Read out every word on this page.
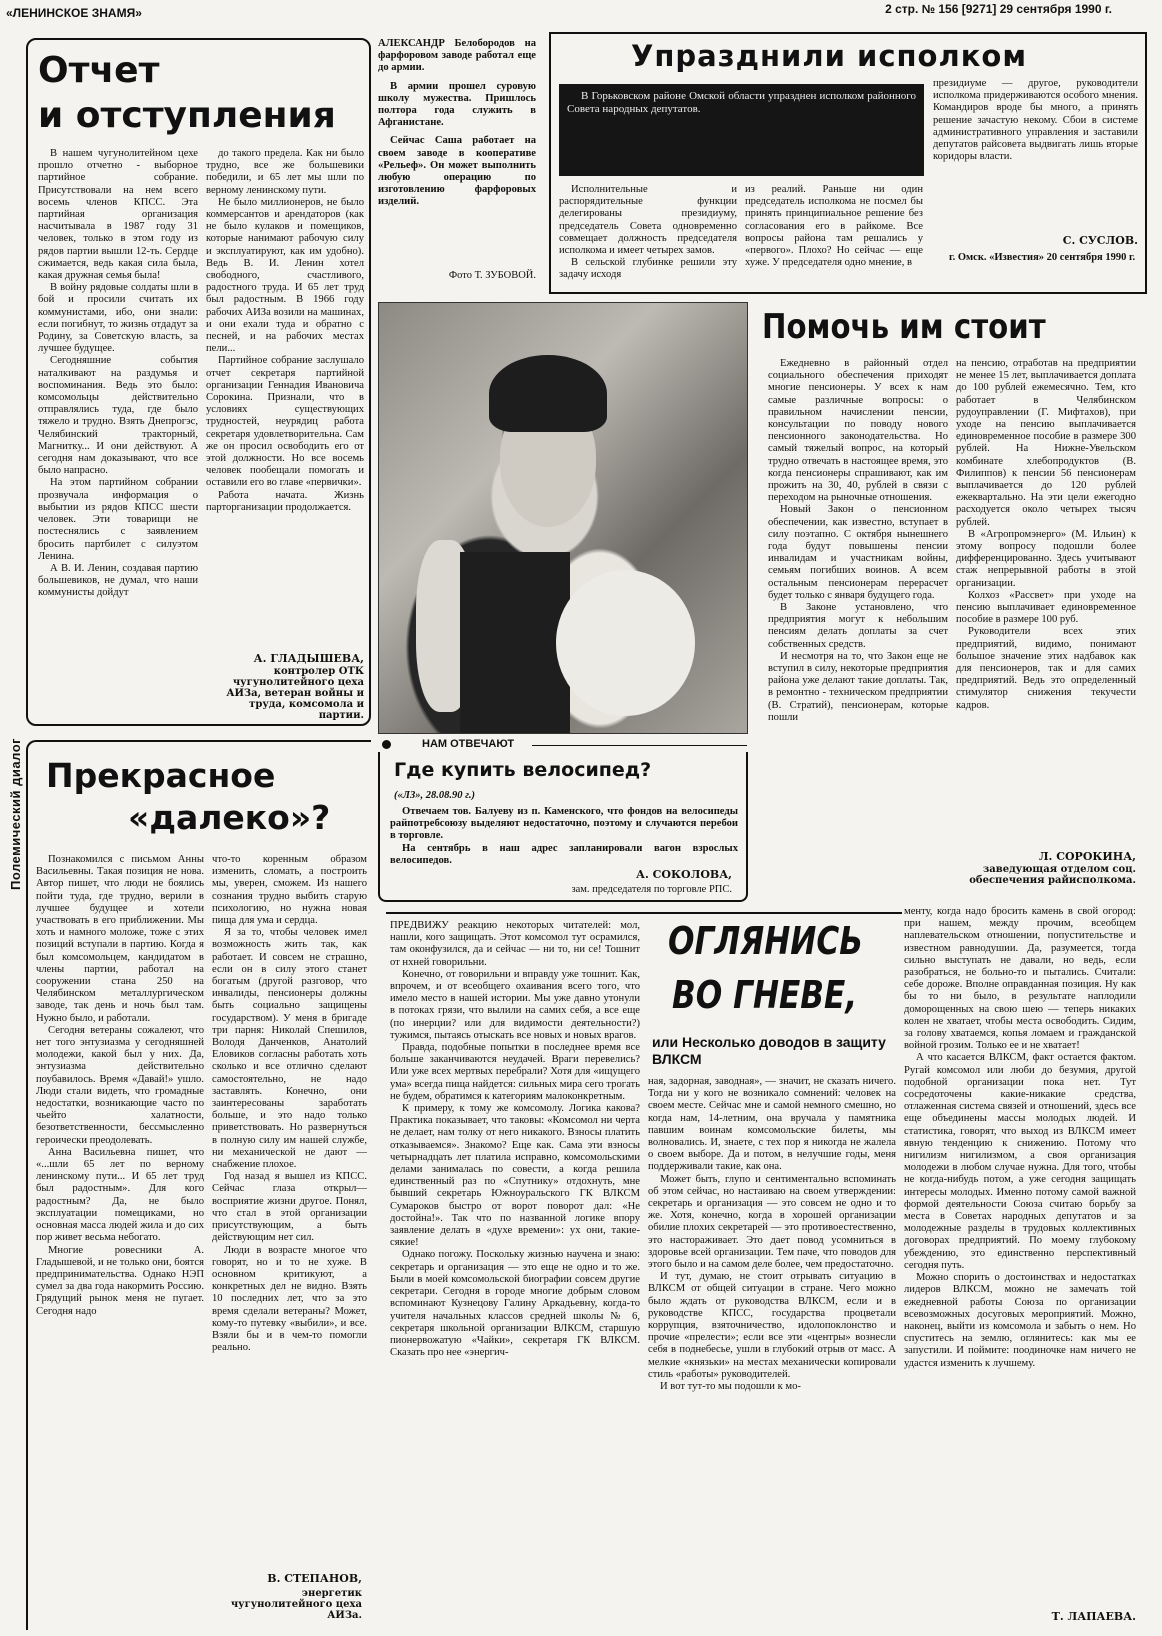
«ЛЕНИНСКОЕ ЗНАМЯ»	2 стр. № 156 [9271] 29 сентября 1990 г.
Полемический диалог
Отчет
и отступления

В нашем чугунолитейном цехе прошло отчетно - выборное партийное собрание. Присутствовали на нем всего восемь членов КПСС. Эта партийная организация насчитывала в 1987 году 31 человек, только в этом году из рядов партии вышли 12-ть. Сердце сжимается, ведь какая сила была, какая дружная семья была!

В войну рядовые солдаты шли в бой и просили считать их коммунистами, ибо, они знали: если погибнут, то жизнь отдадут за Родину, за Советскую власть, за лучшее будущее.

Сегодняшние события наталкивают на раздумья и воспоминания. Ведь это было: комсомольцы действительно отправлялись туда, где было тяжело и трудно. Взять Днепрогэс, Челябинский тракторный, Магнитку... И они действуют. А сегодня нам доказывают, что все было напрасно.

На этом партийном собрании прозвучала информация о выбытии из рядов КПСС шести человек. Эти товарищи не постеснялись с заявлением бросить партбилет с силуэтом Ленина.

А В. И. Ленин, создавая партию большевиков, не думал, что наши коммунисты дойдут

до такого предела. Как ни было трудно, все же большевики победили, и 65 лет мы шли по верному ленинскому пути.

Не было миллионеров, не было коммерсантов и арендаторов (как не было кулаков и помещиков, которые нанимают рабочую силу и эксплуатируют, как им удобно). Ведь В. И. Ленин хотел свободного, счастливого, радостного труда. И 65 лет труд был радостным. В 1966 году рабочих АИЗа возили на машинах, и они ехали туда и обратно с песней, и на рабочих местах пели...

Партийное собрание заслушало отчет секретаря партийной организации Геннадия Ивановича Сорокина. Признали, что в условиях существующих трудностей, неурядиц работа секретаря удовлетворительна. Сам же он просил освободить его от этой должности. Но все восемь человек пообещали помогать и оставили его во главе «первички».

Работа начата. Жизнь парторганизации продолжается.

А. ГЛАДЫШЕВА,
контролер ОТК чугунолитейного цеха АИЗа, ветеран войны и труда, комсомола и партии.

АЛЕКСАНДР Белобородов на фарфоровом заводе работал еще до армии.

В армии прошел суровую школу мужества. Пришлось полтора года служить в Афганистане.

Сейчас Саша работает на своем заводе в кооперативе «Рельеф». Он может выполнить любую операцию по изготовлению фарфоровых изделий.

Фото Т. ЗУБОВОЙ.
Упразднили исполком
В Горьковском районе Омской области упразднен исполком районного Совета народных депутатов.

Исполнительные и распорядительные функции делегированы президиуму, председатель Совета одновременно совмещает должность председателя исполкома и имеет четырех замов.

В сельской глубинке решили эту задачу исходя

из реалий. Раньше ни один председатель исполкома не посмел бы принять принципиальное решение без согласования его в райкоме. Все вопросы района там решались у «первого». Плохо? Но сейчас — еще хуже. У председателя одно мнение, в

президиуме — другое, руководители исполкома придерживаются особого мнения. Командиров вроде бы много, а принять решение зачастую некому. Сбои в системе административного управления и заставили депутатов райсовета выдвигать лишь вторые коридоры власти.

С. СУСЛОВ.
г. Омск. «Известия» 20 сентября 1990 г.
Помочь им стоит

Ежедневно в районный отдел социального обеспечения приходят многие пенсионеры. У всех к нам самые различные вопросы: о правильном начислении пенсии, консультации по поводу нового пенсионного законодательства. Но самый тяжелый вопрос, на который трудно отвечать в настоящее время, это когда пенсионеры спрашивают, как им прожить на 30, 40, рублей в связи с переходом на рыночные отношения.

Новый Закон о пенсионном обеспечении, как известно, вступает в силу поэтапно. С октября нынешнего года будут повышены пенсии инвалидам и участникам войны, семьям погибших воинов. А всем остальным пенсионерам перерасчет будет только с января будущего года.

В Законе установлено, что предприятия могут к небольшим пенсиям делать доплаты за счет собственных средств.

И несмотря на то, что Закон еще не вступил в силу, некоторые предприятия района уже делают такие доплаты. Так, в ремонтно - техническом предприятии (В. Стратий), пенсионерам, которые пошли

на пенсию, отработав на предприятии не менее 15 лет, выплачивается доплата до 100 рублей ежемесячно. Тем, кто работает в Челябинском рудоуправлении (Г. Мифтахов), при уходе на пенсию выплачивается единовременное пособие в размере 300 рублей. На Нижне-Увельском комбинате хлебопродуктов (В. Филиппов) к пенсии 56 пенсионерам выплачивается до 120 рублей ежеквартально. На эти цели ежегодно расходуется около четырех тысяч рублей.

В «Агропромэнерго» (М. Ильин) к этому вопросу подошли более дифференцированно. Здесь учитывают стаж непрерывной работы в этой организации.

Колхоз «Рассвет» при уходе на пенсию выплачивает единовременное пособие в размере 100 руб.

Руководители всех этих предприятий, видимо, понимают большое значение этих надбавок как для пенсионеров, так и для самих предприятий. Ведь это определенный стимулятор снижения текучести кадров.

Л. СОРОКИНА,
заведующая отделом соц. обеспечения райисполкома.
НАМ ОТВЕЧАЮТ
Где купить велосипед?
(«ЛЗ», 28.08.90 г.)

Отвечаем тов. Балуеву из п. Каменского, что фондов на велосипеды райпотребсоюзу выделяют недостаточно, поэтому и случаются перебои в торговле.

На сентябрь в наш адрес запланировали вагон взрослых велосипедов.

А. СОКОЛОВА,
зам. председателя по торговле РПС.
Прекрасное
«далеко»?

Познакомился с письмом Анны Васильевны. Такая позиция не нова. Автор пишет, что люди не боялись пойти туда, где трудно, верили в лучшее будущее и хотели участвовать в его приближении. Мы хоть и намного моложе, тоже с этих позиций вступали в партию. Когда я был комсомольцем, кандидатом в члены партии, работал на сооружении стана 250 на Челябинском металлургическом заводе, так день и ночь был там. Нужно было, и работали.

Сегодня ветераны сожалеют, что нет того энтузиазма у сегодняшней молодежи, какой был у них. Да, энтузиазма действительно поубавилось. Время «Давай!» ушло. Люди стали видеть, что громадные недостатки, возникающие часто по чьейто халатности, безответственности, бессмысленно героически преодолевать.

Анна Васильевна пишет, что «...шли 65 лет по верному ленинскому пути... И 65 лет труд был радостным». Для кого радостным? Да, не было эксплуатации помещиками, но основная масса людей жила и до сих пор живет весьма небогато.

Многие ровесники А. Гладышевой, и не только они, боятся предпринимательства. Однако НЭП сумел за два года накормить Россию. Грядущий рынок меня не пугает. Сегодня надо

что-то коренным образом изменить, сломать, а построить мы, уверен, сможем. Из нашего сознания трудно выбить старую психологию, но нужна новая пища для ума и сердца.

Я за то, чтобы человек имел возможность жить так, как работает. И совсем не страшно, если он в силу этого станет богатым (другой разговор, что инвалиды, пенсионеры должны быть социально защищены государством). У меня в бригаде три парня: Николай Спешилов, Володя Данченков, Анатолий Еловиков согласны работать хоть сколько и все отлично сделают самостоятельно, не надо заставлять. Конечно, они заинтересованы заработать больше, и это надо только приветствовать. Но развернуться в полную силу им нашей службе, ни механической не дают — снабжение плохое.

Год назад я вышел из КПСС. Сейчас глаза открыл—восприятие жизни другое. Понял, что стал в этой организации присутствующим, а быть действующим нет сил.

Люди в возрасте многое что говорят, но и то не хуже. В основном критикуют, а конкретных дел не видно. Взять 10 последних лет, что за это время сделали ветераны? Может, кому-то путевку «выбили», и все. Взяли бы и в чем-то помогли реально.

В. СТЕПАНОВ,
энергетик чугунолитейного цеха АИЗа.
ОГЛЯНИСЬ
ВО ГНЕВЕ,
или Несколько доводов в защиту ВЛКСМ

ПРЕДВИЖУ реакцию некоторых читателей: мол, нашли, кого защищать. Этот комсомол тут осрамился, там оконфузился, да и сейчас — ни то, ни се! Тошнит от нхней говорильни.

Конечно, от говорильни и вправду уже тошнит. Как, впрочем, и от всеобщего охаивания всего того, что имело место в нашей истории. Мы уже давно утонули в потоках грязи, что вылили на самих себя, а все еще (по инерции? или для видимости деятельности?) тужимся, пытаясь отыскать все новых и новых врагов.

Правда, подобные попытки в последнее время все больше заканчиваются неудачей. Враги перевелись? Или уже всех мертвых перебрали? Хотя для «ищущего ума» всегда пища найдется: сильных мира сего трогать не будем, обратимся к категориям малоконкретным.

К примеру, к тому же комсомолу. Логика какова? Практика показывает, что таковы: «Комсомол ни черта не делает, нам толку от него никакого. Взносы платить отказываемся». Знакомо? Еще как. Сама эти взносы четырнадцать лет платила исправно, комсомольскими делами занималась по совести, а когда решила единственный раз по «Спутнику» отдохнуть, мне бывший секретарь Южноуральского ГК ВЛКСМ Сумароков быстро от ворот поворот дал: «Не достойна!». Так что по названной логике впору заявление делать в «духе времени»: ух они, такие-сякие!

Однако погожу. Поскольку жизнью научена и знаю: секретарь и организация — это еще не одно и то же. Были в моей комсомольской биографии совсем другие секретари. Сегодня в городе многие добрым словом вспоминают Кузнецову Галину Аркадьевну, когда-то учителя начальных классов средней школы № 6, секретаря школьной организации ВЛКСМ, старшую пионервожатую «Чайки», секретаря ГК ВЛКСМ. Сказать про нее «энергич-

ная, задорная, заводная», — значит, не сказать ничего. Тогда ни у кого не возникало сомнений: человек на своем месте. Сейчас мне и самой немного смешно, но когда нам, 14-летним, она вручала у памятника павшим воинам комсомольские билеты, мы волновались. И, знаете, с тех пор я никогда не жалела о своем выборе. Да и потом, в нелучшие годы, меня поддерживали такие, как она.

Может быть, глупо и сентиментально вспоминать об этом сейчас, но настаиваю на своем утверждении: секретарь и организация — это совсем не одно и то же. Хотя, конечно, когда в хорошей организации обилие плохих секретарей — это противоестественно, это настораживает. Это дает повод усомниться в здоровье всей организации. Тем паче, что поводов для этого было и на самом деле более, чем предостаточно.

И тут, думаю, не стоит отрывать ситуацию в ВЛКСМ от общей ситуации в стране. Чего можно было ждать от руководства ВЛКСМ, если и в руководстве КПСС, государства процветали коррупция, взяточничество, идолопоклонство и прочие «прелести»; если все эти «центры» вознесли себя в поднебесье, ушли в глубокий отрыв от масс. А мелкие «князьки» на местах механически копировали стиль «работы» руководителей.

И вот тут-то мы подошли к мо-

менту, когда надо бросить камень в свой огород: при нашем, между прочим, всеобщем наплевательском отношении, попустительстве и известном равнодушии. Да, разумеется, тогда сильно выступать не давали, но ведь, если разобраться, не больно-то и пытались. Считали: себе дороже. Вполне оправданная позиция. Ну как бы то ни было, в результате наплодили доморощенных на свою шею — теперь никаких колен не хватает, чтобы места освободить. Сидим, за голову хватаемся, копья ломаем и гражданской войной грозим. Только ее и не хватает!

А что касается ВЛКСМ, факт остается фактом. Ругай комсомол или люби до безумия, другой подобной организации пока нет. Тут сосредоточены какие-никакие средства, отлаженная система связей и отношений, здесь все еще объединены массы молодых людей. И статистика, говорят, что выход из ВЛКСМ имеет явную тенденцию к снижению. Потому что нигилизм нигилизмом, а своя организация молодежи в любом случае нужна. Для того, чтобы не когда-нибудь потом, а уже сегодня защищать интересы молодых. Именно потому самой важной формой деятельности Союза считаю борьбу за места в Советах народных депутатов и за молодежные разделы в трудовых коллективных договорах предприятий. По моему глубокому убеждению, это единственно перспективный сегодня путь.

Можно спорить о достоинствах и недостатках лидеров ВЛКСМ, можно не замечать той ежедневной работы Союза по организации всевозможных досуговых мероприятий. Можно, наконец, выйти из комсомола и забыть о нем. Но спуститесь на землю, оглянитесь: как мы ее запустили. И поймите: поодиночке нам ничего не удастся изменить к лучшему.

Т. ЛАПАЕВА.
